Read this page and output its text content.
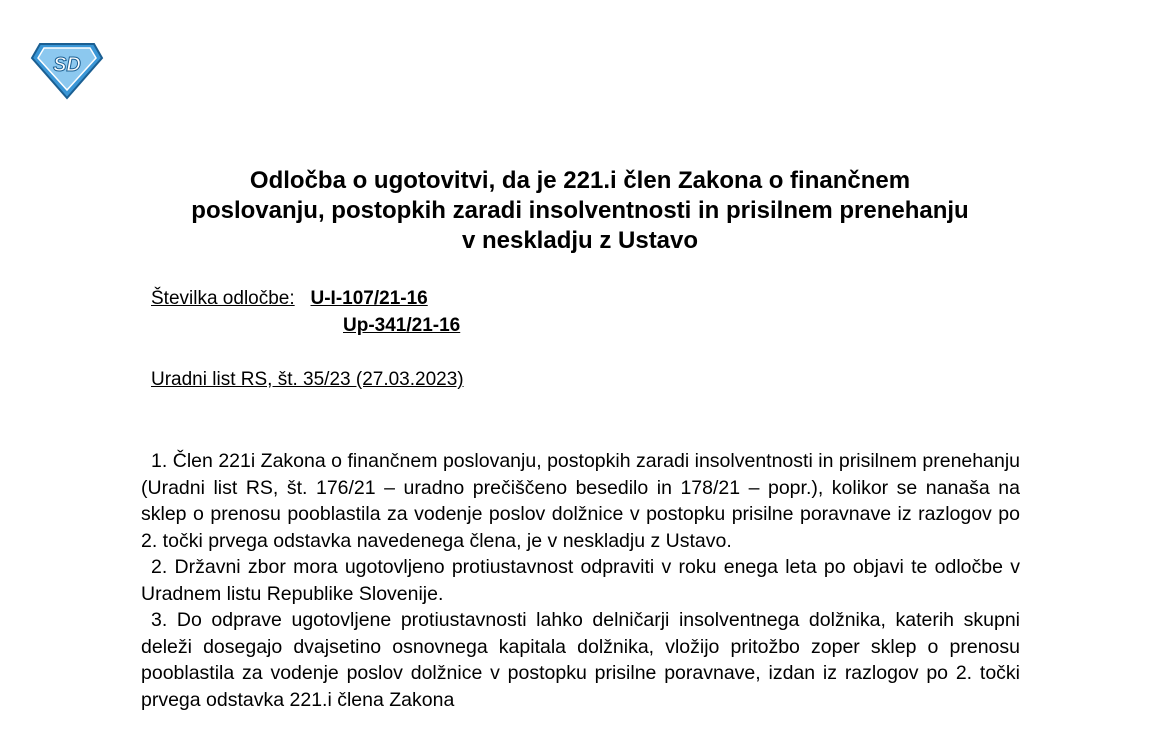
SD
Odločba o ugotovitvi, da je 221.i člen Zakona o finančnem
poslovanju, postopkih zaradi insolventnosti in prisilnem prenehanju
v neskladju z Ustavo
Številka odločbe: U-I-107/21-16
Up-341/21-16
Uradni list RS, št. 35/23 (27.03.2023)

1. Člen 221i Zakona o finančnem poslovanju, postopkih zaradi insolventnosti in prisilnem prenehanju (Uradni list RS, št. 176/21 – uradno prečiščeno besedilo in 178/21 – popr.), kolikor se nanaša na sklep o prenosu pooblastila za vodenje poslov dolžnice v postopku prisilne poravnave iz razlogov po 2. točki prvega odstavka navedenega člena, je v neskladju z Ustavo.

2. Državni zbor mora ugotovljeno protiustavnost odpraviti v roku enega leta po objavi te odločbe v Uradnem listu Republike Slovenije.

3. Do odprave ugotovljene protiustavnosti lahko delničarji insolventnega dolžnika, katerih skupni deleži dosegajo dvajsetino osnovnega kapitala dolžnika, vložijo pritožbo zoper sklep o prenosu pooblastila za vodenje poslov dolžnice v postopku prisilne poravnave, izdan iz razlogov po 2. točki prvega odstavka 221.i člena Zakona
